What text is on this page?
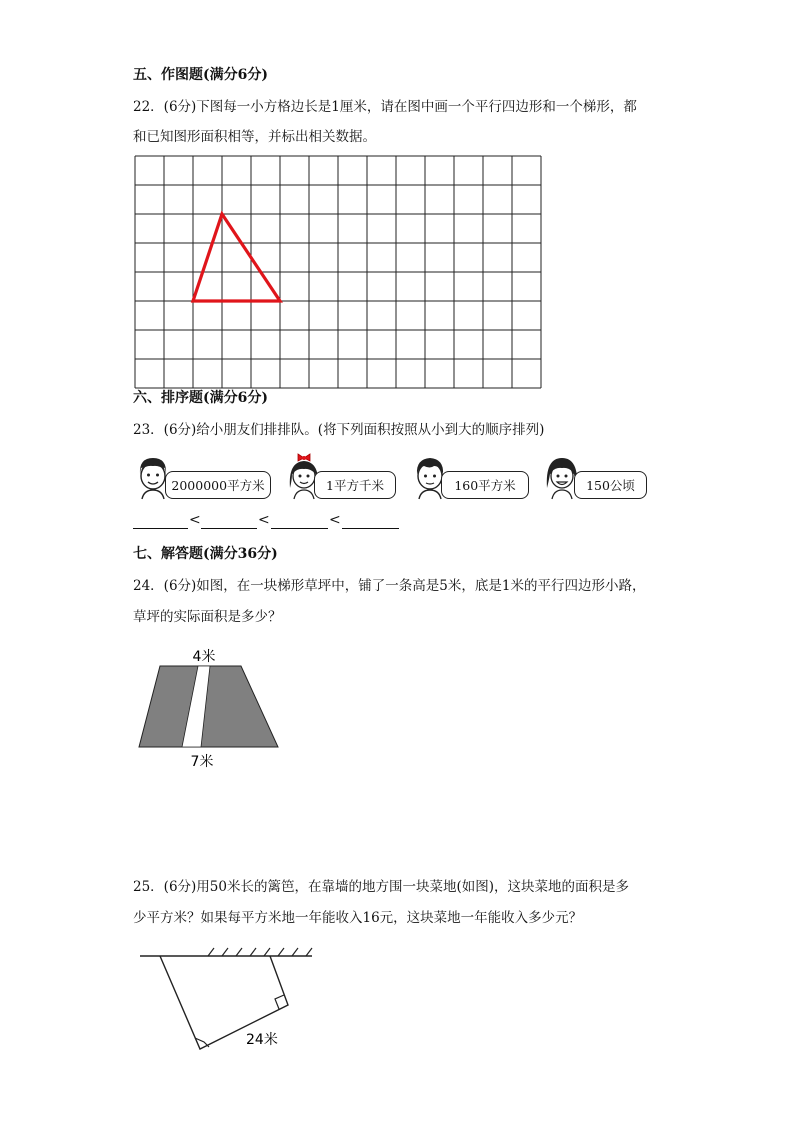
五、作图题(满分6分)
22．(6分)下图每一小方格边长是1厘米，请在图中画一个平行四边形和一个梯形，都
和已知图形面积相等，并标出相关数据。
六、排序题(满分6分)
23．(6分)给小朋友们排排队。(将下列面积按照从小到大的顺序排列)
2000000平方米	1平方千米	160平方米	150公顷
<	<	<
七、解答题(满分36分)
24．(6分)如图，在一块梯形草坪中，铺了一条高是5米，底是1米的平行四边形小路，
草坪的实际面积是多少？
4米
7米
25．(6分)用50米长的篱笆，在靠墙的地方围一块菜地(如图)，这块菜地的面积是多
少平方米？如果每平方米地一年能收入16元，这块菜地一年能收入多少元？
24米
